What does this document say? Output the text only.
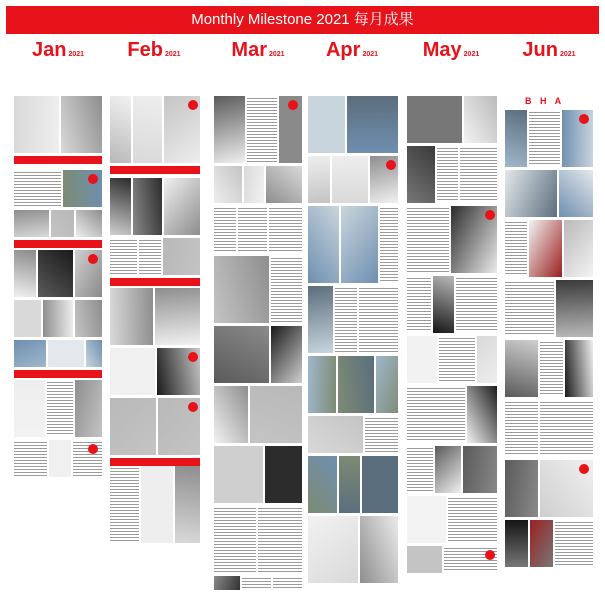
Monthly Milestone 2021 每月成果
Jan 2021	Feb 2021	Mar 2021	Apr 2021	May 2021	Jun 2021
B H A
